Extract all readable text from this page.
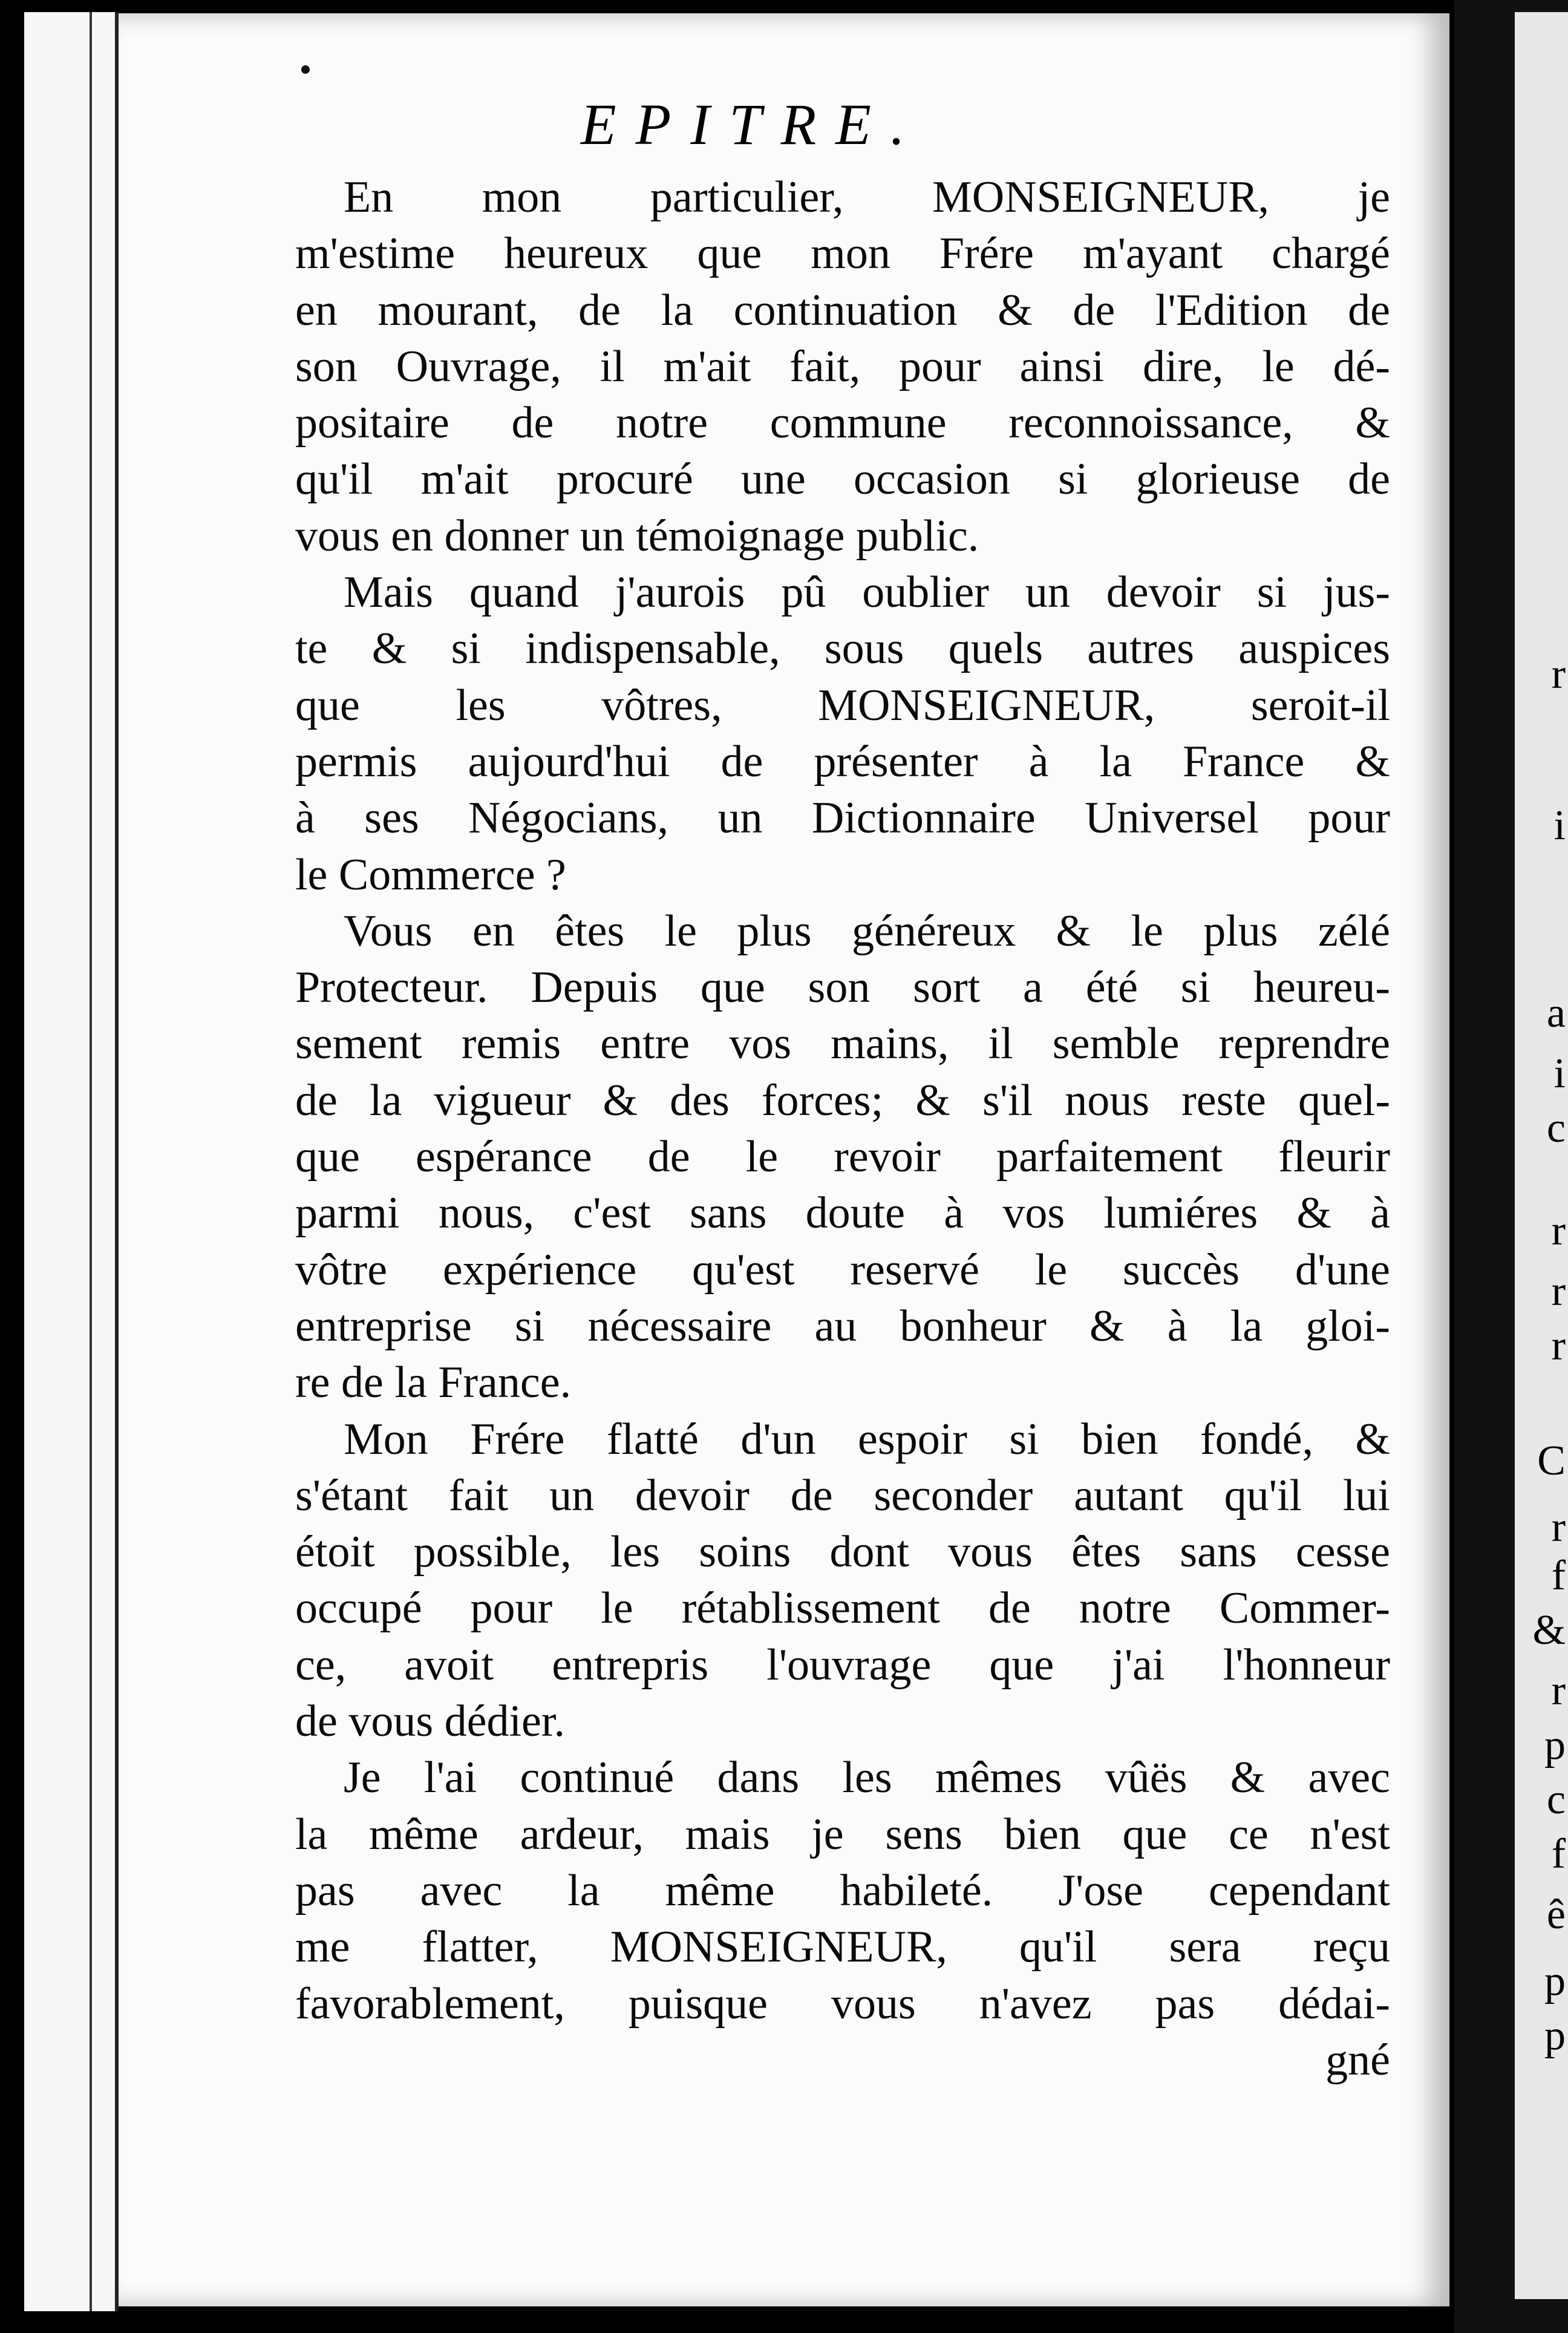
r
i
a
i
c
r
r
r
C
r
f
&
r
p
c
f
ê
p
p
EPITRE.

En mon particulier, MONSEIGNEUR, je
m'estime heureux que mon Frére m'ayant chargé
en mourant, de la continuation & de l'Edition de
son Ouvrage, il m'ait fait, pour ainsi dire, le dé-
positaire de notre commune reconnoissance, &
qu'il m'ait procuré une occasion si glorieuse de
vous en donner un témoignage public.

Mais quand j'aurois pû oublier un devoir si jus-
te & si indispensable, sous quels autres auspices
que les vôtres, MONSEIGNEUR, seroit-il
permis aujourd'hui de présenter à la France &
à ses Négocians, un Dictionnaire Universel pour
le Commerce ?

Vous en êtes le plus généreux & le plus zélé
Protecteur. Depuis que son sort a été si heureu-
sement remis entre vos mains, il semble reprendre
de la vigueur & des forces; & s'il nous reste quel-
que espérance de le revoir parfaitement fleurir
parmi nous, c'est sans doute à vos lumiéres & à
vôtre expérience qu'est reservé le succès d'une
entreprise si nécessaire au bonheur & à la gloi-
re de la France.

Mon Frére flatté d'un espoir si bien fondé, &
s'étant fait un devoir de seconder autant qu'il lui
étoit possible, les soins dont vous êtes sans cesse
occupé pour le rétablissement de notre Commer-
ce, avoit entrepris l'ouvrage que j'ai l'honneur
de vous dédier.

Je l'ai continué dans les mêmes vûës & avec
la même ardeur, mais je sens bien que ce n'est
pas avec la même habileté. J'ose cependant
me flatter, MONSEIGNEUR, qu'il sera reçu
favorablement, puisque vous n'avez pas dédai-

gné
